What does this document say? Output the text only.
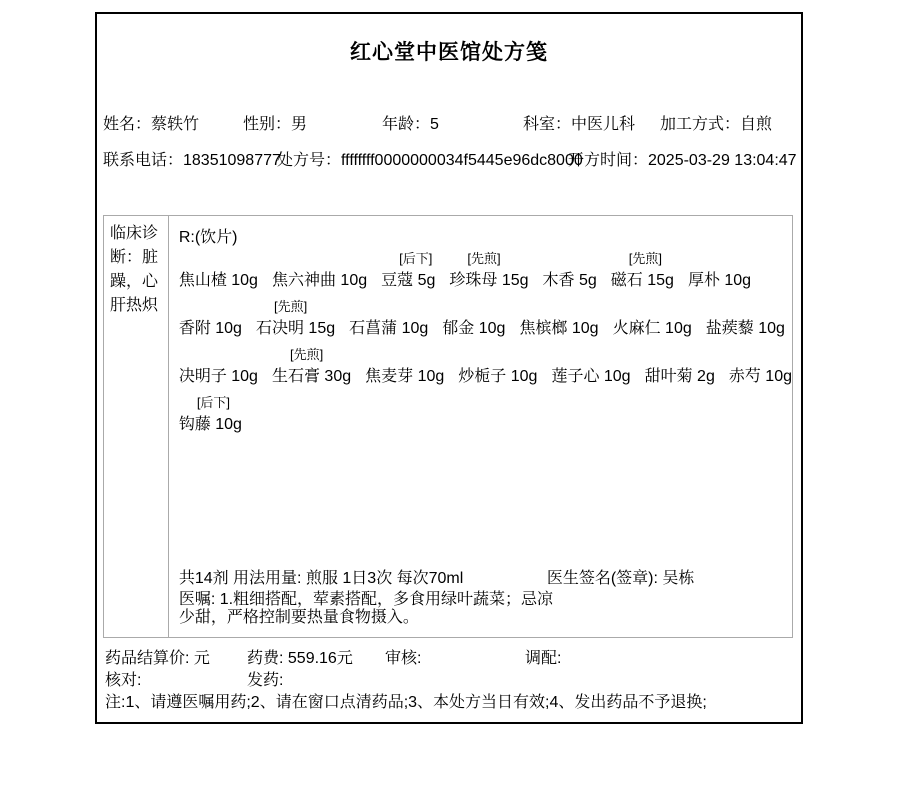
红心堂中医馆处方笺
姓名：蔡轶竹	性别：男	年龄：5	科室：中医儿科 加工方式：自煎
联系电话：18351098777
处方号：ffffffff0000000034f5445e96dc8000
开方时间：2025-03-29 13:04:47
临床诊断：脏躁，心肝热炽
R:(饮片)

焦山楂 10g
焦六神曲 10g
[后下]
豆蔻 5g
[先煎]
珍珠母 15g
木香 5g
[先煎]
磁石 15g
厚朴 10g

香附 10g
[先煎]
石决明 15g
石菖蒲 10g
郁金 10g
焦槟榔 10g
火麻仁 10g
盐蒺藜 10g

决明子 10g
[先煎]
生石膏 30g
焦麦芽 10g
炒栀子 10g
莲子心 10g
甜叶菊 2g
赤芍 10g
[后下]
钩藤 10g
共14剂 用法用量: 煎服 1日3次 每次70ml	医生签名(签章): 吴栋
医嘱: 1.粗细搭配，荤素搭配，多食用绿叶蔬菜；忌凉少甜，严格控制要热量食物摄入。
药品结算价: 元 药费: 559.16元 审核:	调配:
核对:	发药:
注:1、请遵医嘱用药;2、请在窗口点清药品;3、本处方当日有效;4、发出药品不予退换;
